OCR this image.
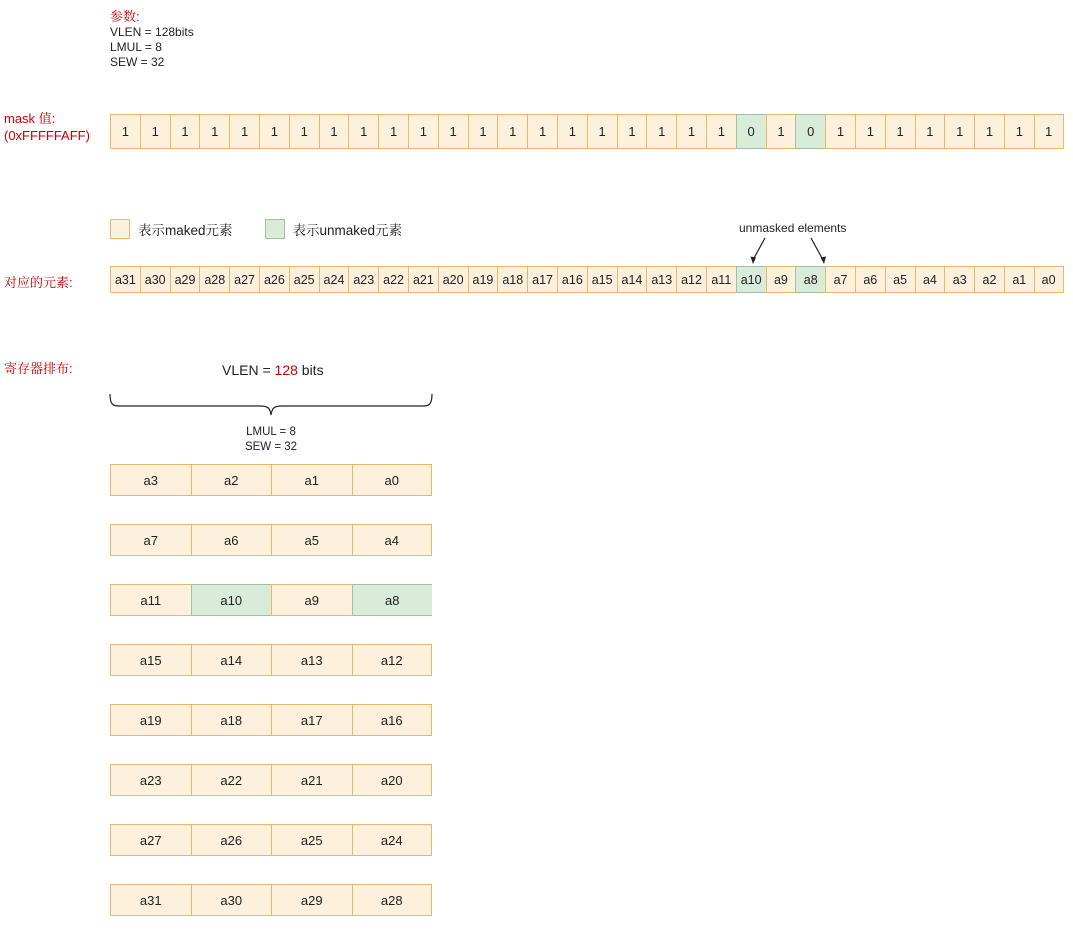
参数:
VLEN = 128bits
LMUL = 8
SEW = 32
mask 值:
(0xFFFFFAFF)	1	1	1	1	1	1	1	1	1	1	1	1	1	1	1	1	1	1	1	1	1	0	1	0	1	1	1	1	1	1	1	1
表示maked元素	表示unmaked元素	unmasked elements
对应的元素:	a31 a30 a29 a28 a27 a26 a25 a24 a23 a22 a21 a20 a19 a18 a17 a16 a15 a14 a13 a12 a11 a10 a9	a8	a7	a6	a5	a4	a3	a2	a1	a0
寄存器排布:	VLEN = 128 bits
LMUL = 8
SEW = 32
a3	a2	a1	a0
a7	a6	a5	a4
a11	a10	a9	a8
a15	a14	a13	a12
a19	a18	a17	a16
a23	a22	a21	a20
a27	a26	a25	a24
a31	a30	a29	a28
